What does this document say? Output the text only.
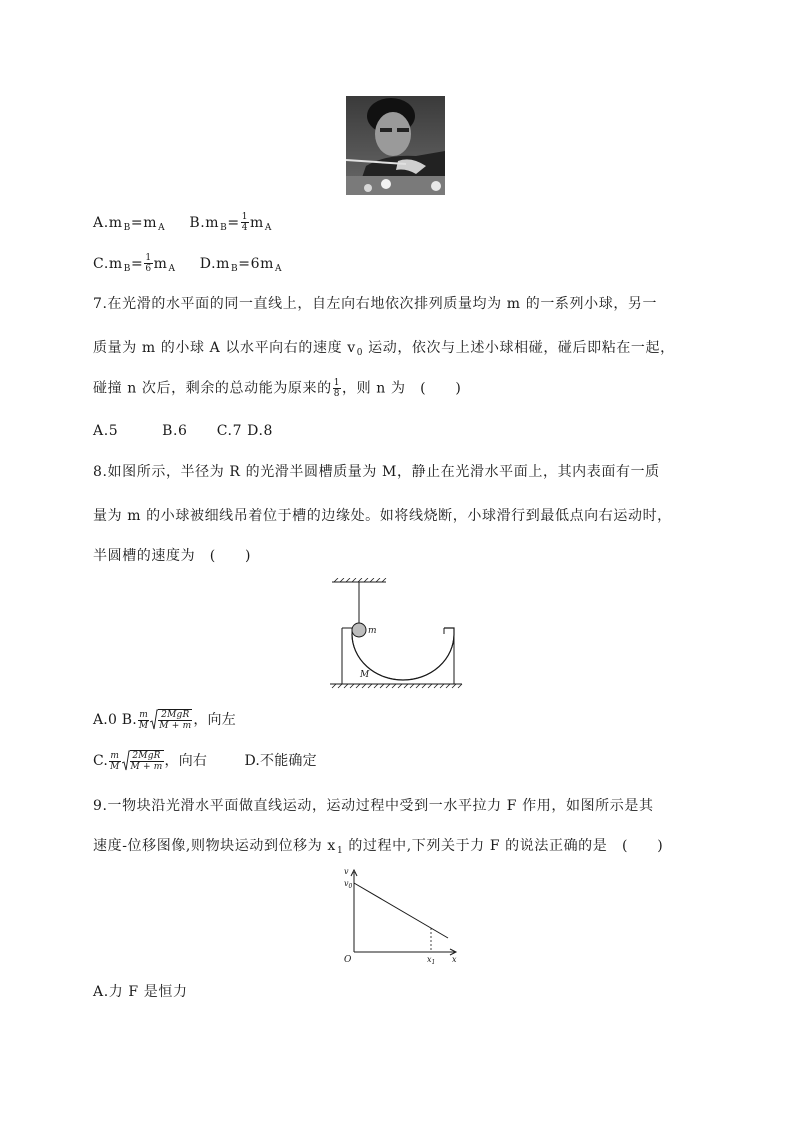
$A.m_B=m_A$ $B.m_B= \frac{1}{4} m_A$
$C.m_B= \frac{1}{6} m_A$ $D.m_B=6m_A$
7.在光滑的水平面的同一直线上，自左向右地依次排列质量均为 m 的一系列小球，另一
质量为 m 的小球 A 以水平向右的速度 $v_0$ 运动，依次与上述小球相碰，碰后即粘在一起，
碰撞 n 次后，剩余的总动能为原来的 $\frac{1}{8}$ ，则 n 为　(　　)
A.5　　　B.6　　C.7 D.8
8.如图所示，半径为 R 的光滑半圆槽质量为 M，静止在光滑水平面上，其内表面有一质
量为 m 的小球被细线吊着位于槽的边缘处。如将线烧断，小球滑行到最低点向右运动时，
半圆槽的速度为　(　　)
m
M
A.0 B. $\frac{m}{M} \frac{\text{2MgR}}{M + m}$ ，向左
C. $\frac{m}{M} \frac{\text{2MgR}}{M + m}$ ，向右	D.不能确定
9.一物块沿光滑水平面做直线运动，运动过程中受到一水平拉力 F 作用，如图所示是其
速度-位移图像,则物块运动到位移为 $x_1$ 的过程中,下列关于力 F 的说法正确的是　(　　)
v
$v_0$
O	$x_1$ x
A.力 F 是恒力
